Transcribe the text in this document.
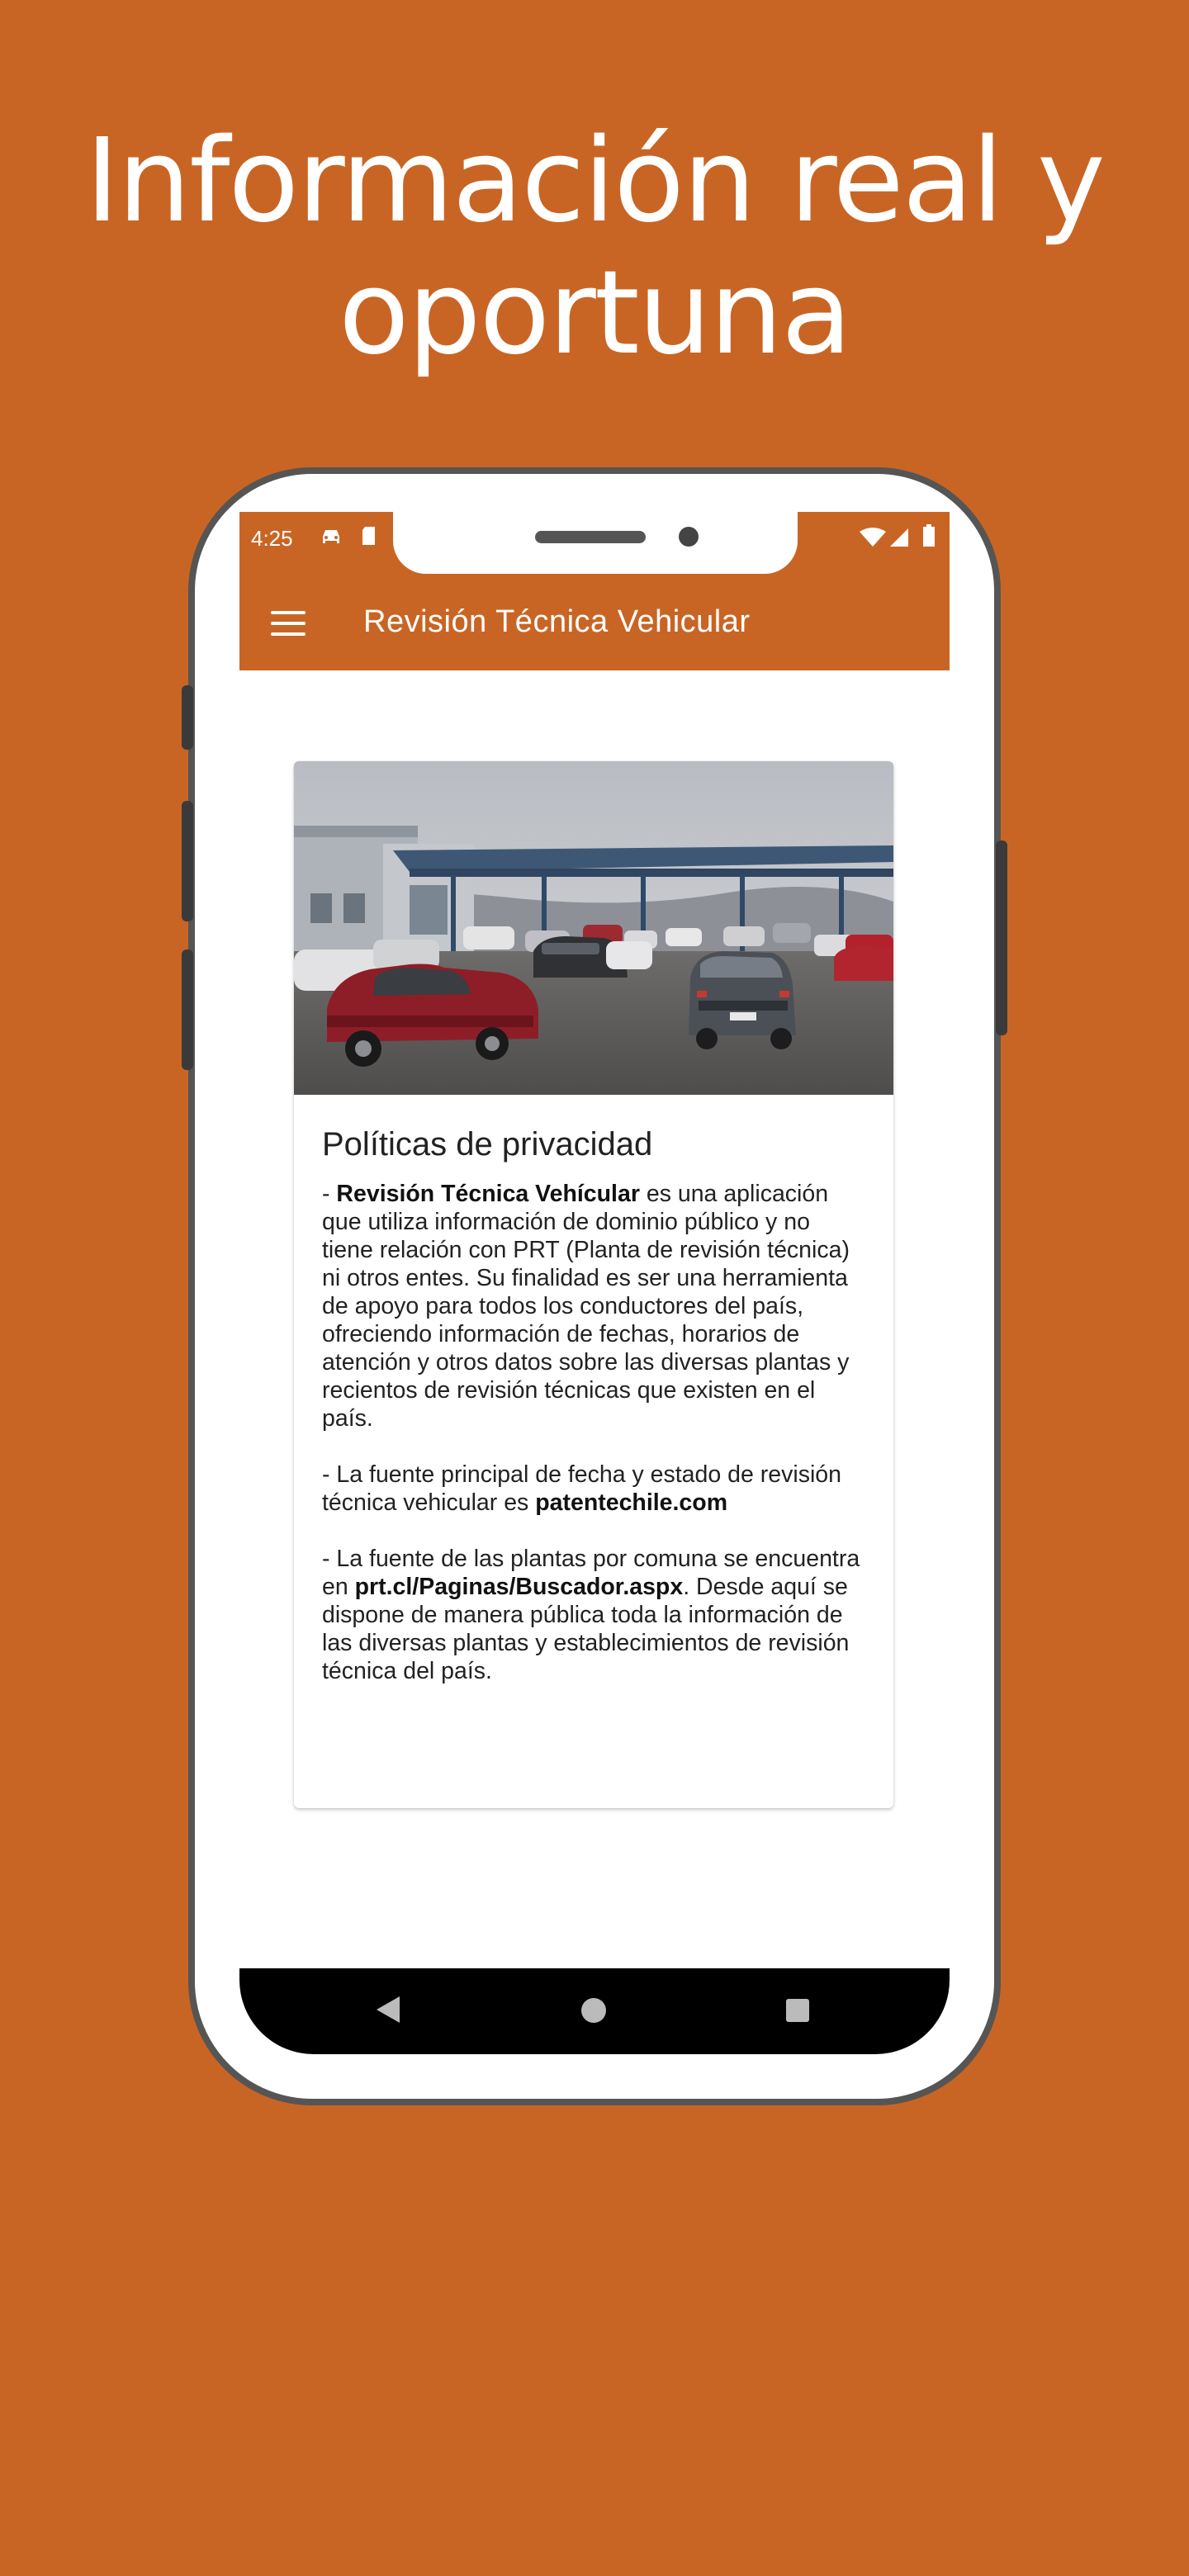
Información real y
oportuna
4:25
Revisión Técnica Vehicular
Políticas de privacidad

- Revisión Técnica Vehícular es una aplicación que utiliza información de dominio público y no tiene relación con PRT (Planta de revisión técnica) ni otros entes. Su finalidad es ser una herramienta de apoyo para todos los conductores del país, ofreciendo información de fechas, horarios de atención y otros datos sobre las diversas plantas y recientos de revisión técnicas que existen en el país.

- La fuente principal de fecha y estado de revisión técnica vehicular es patentechile.com

- La fuente de las plantas por comuna se encuentra en prt.cl/Paginas/Buscador.aspx. Desde aquí se dispone de manera pública toda la información de las diversas plantas y establecimientos de revisión técnica del país.
